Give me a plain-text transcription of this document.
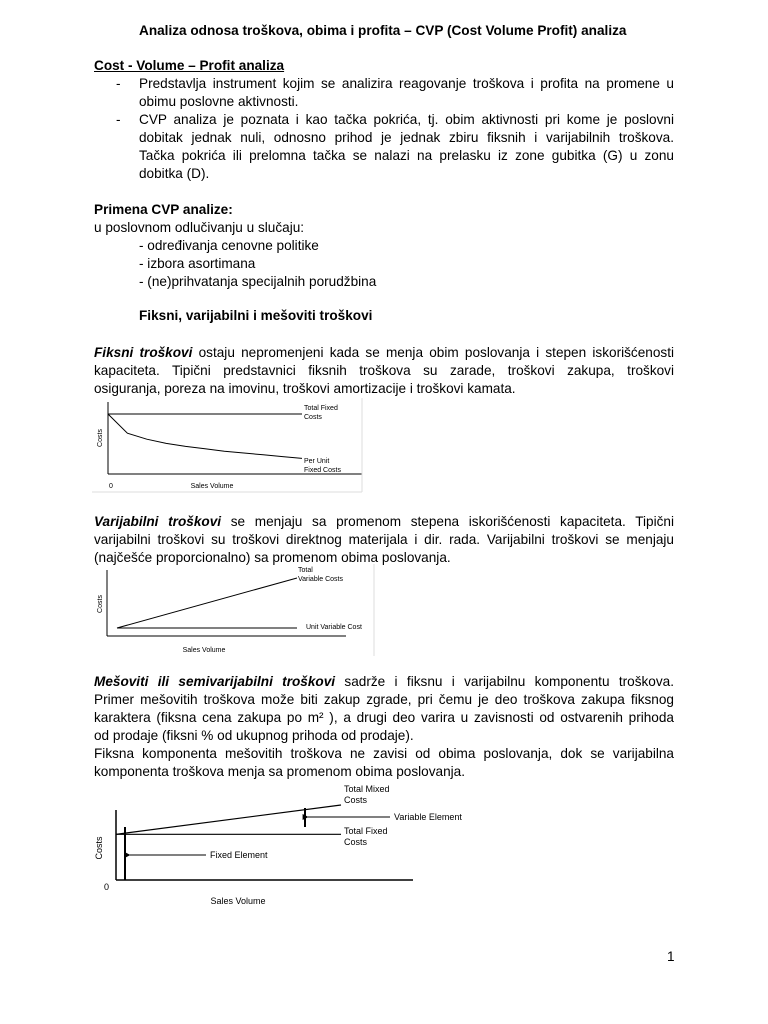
Analiza odnosa troškova, obima i profita – CVP (Cost Volume Profit) analiza
Cost - Volume – Profit analiza
- Predstavlja instrument kojim se analizira reagovanje troškova i profita na promene u
obimu poslovne aktivnosti.
- CVP analiza je poznata i kao tačka pokrića, tj. obim aktivnosti pri kome je poslovni
dobitak jednak nuli, odnosno prihod je jednak zbiru fiksnih i varijabilnih troškova.
Tačka pokrića ili prelomna tačka se nalazi na prelasku iz zone gubitka (G) u zonu
dobitka (D).
Primena CVP analize:
u poslovnom odlučivanju u slučaju:
- određivanja cenovne politike
- izbora asortimana
- (ne)prihvatanja specijalnih porudžbina
Fiksni, varijabilni i mešoviti troškovi
Fiksni troškovi ostaju nepromenjeni kada se menja obim poslovanja i stepen iskorišćenosti
kapaciteta. Tipični predstavnici fiksnih troškova su zarade, troškovi zakupa, troškovi
osiguranja, poreza na imovinu, troškovi amortizacije i troškovi kamata.
Costs
0	Sales Volume
Total Fixed
Costs
Per Unit
Fixed Costs
Varijabilni troškovi se menjaju sa promenom stepena iskorišćenosti kapaciteta. Tipični
varijabilni troškovi su troškovi direktnog materijala i dir. rada. Varijabilni troškovi se menjaju
(najčešće proporcionalno) sa promenom obima poslovanja.
Costs
Sales Volume
Total
Variable Costs
Unit Variable Cost
Mešoviti ili semivarijabilni troškovi sadrže i fiksnu i varijabilnu komponentu troškova.
Primer mešovitih troškova može biti zakup zgrade, pri čemu je deo troškova zakupa fiksnog
karaktera (fiksna cena zakupa po m² ), a drugi deo varira u zavisnosti od ostvarenih prihoda
od prodaje (fiksni % od ukupnog prihoda od prodaje).
Fiksna komponenta mešovitih troškova ne zavisi od obima poslovanja, dok se varijabilna
komponenta troškova menja sa promenom obima poslovanja.
Costs
0
Sales Volume
Total Mixed
Costs
Variable Element
Total Fixed
Costs
Fixed Element
1
